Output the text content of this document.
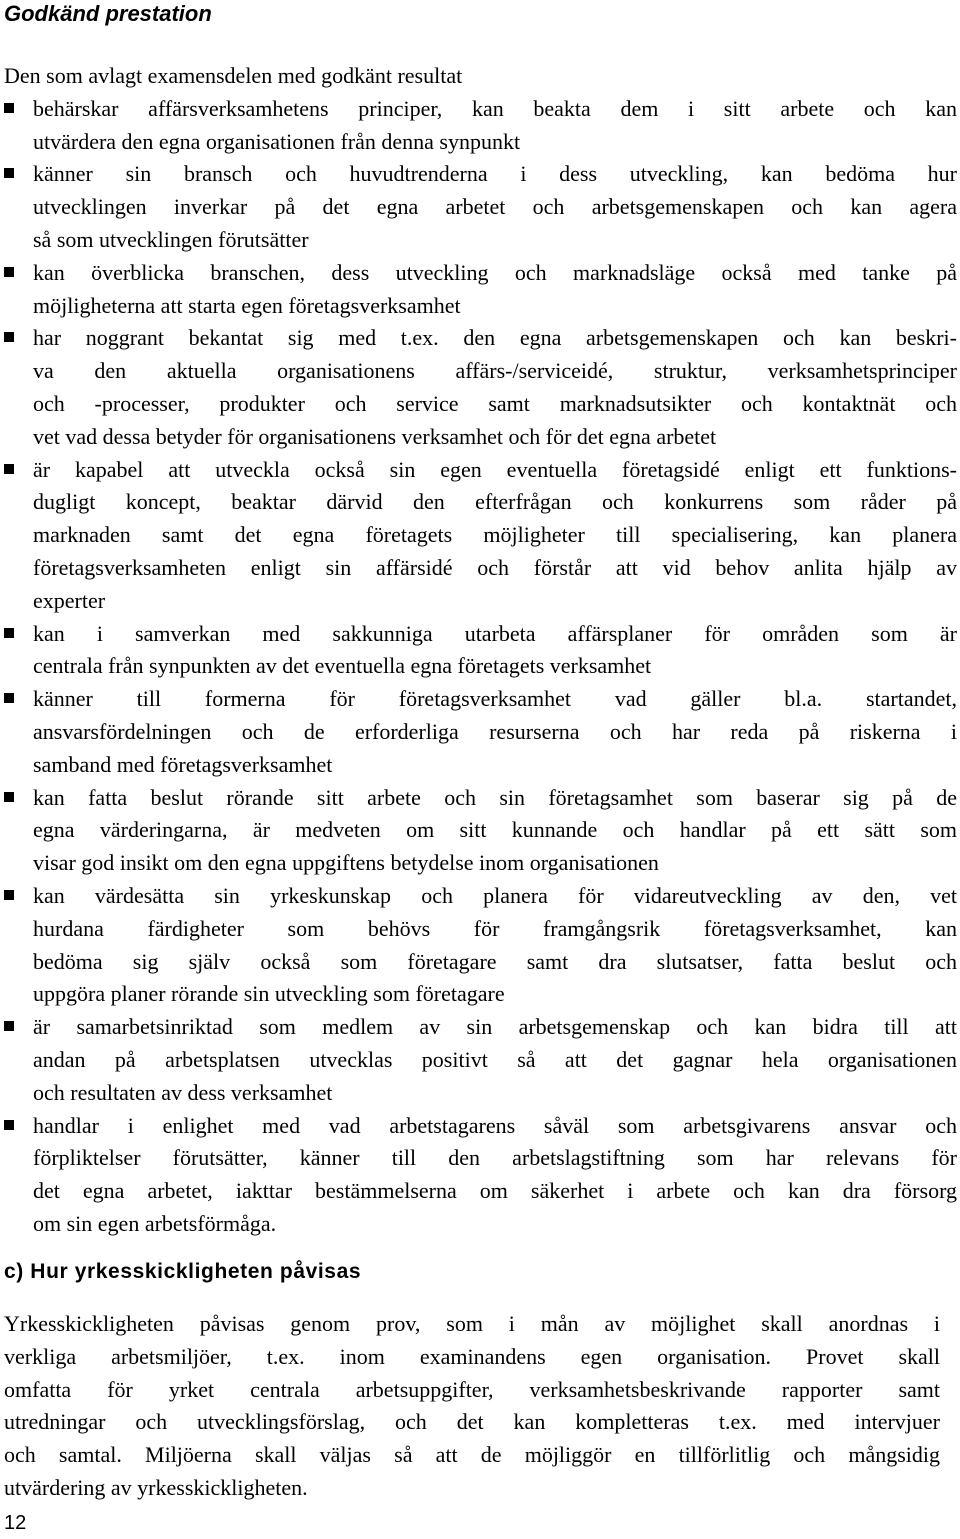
Godkänd prestation
Den som avlagt examensdelen med godkänt resultat
behärskar affärsverksamhetens principer, kan beakta dem i sitt arbete och kan
utvärdera den egna organisationen från denna synpunkt
känner sin bransch och huvudtrenderna i dess utveckling, kan bedöma hur
utvecklingen inverkar på det egna arbetet och arbetsgemenskapen och kan agera
så som utvecklingen förutsätter
kan överblicka branschen, dess utveckling och marknadsläge också med tanke på
möjligheterna att starta egen företagsverksamhet
har noggrant bekantat sig med t.ex. den egna arbetsgemenskapen och kan beskri-
va den aktuella organisationens affärs-/serviceidé, struktur, verksamhetsprinciper
och -processer, produkter och service samt marknadsutsikter och kontaktnät och
vet vad dessa betyder för organisationens verksamhet och för det egna arbetet
är kapabel att utveckla också sin egen eventuella företagsidé enligt ett funktions-
dugligt koncept, beaktar därvid den efterfrågan och konkurrens som råder på
marknaden samt det egna företagets möjligheter till specialisering, kan planera
företagsverksamheten enligt sin affärsidé och förstår att vid behov anlita hjälp av
experter
kan i samverkan med sakkunniga utarbeta affärsplaner för områden som är
centrala från synpunkten av det eventuella egna företagets verksamhet
känner till formerna för företagsverksamhet vad gäller bl.a. startandet,
ansvarsfördelningen och de erforderliga resurserna och har reda på riskerna i
samband med företagsverksamhet
kan fatta beslut rörande sitt arbete och sin företagsamhet som baserar sig på de
egna värderingarna, är medveten om sitt kunnande och handlar på ett sätt som
visar god insikt om den egna uppgiftens betydelse inom organisationen
kan värdesätta sin yrkeskunskap och planera för vidareutveckling av den, vet
hurdana färdigheter som behövs för framgångsrik företagsverksamhet, kan
bedöma sig själv också som företagare samt dra slutsatser, fatta beslut och
uppgöra planer rörande sin utveckling som företagare
är samarbetsinriktad som medlem av sin arbetsgemenskap och kan bidra till att
andan på arbetsplatsen utvecklas positivt så att det gagnar hela organisationen
och resultaten av dess verksamhet
handlar i enlighet med vad arbetstagarens såväl som arbetsgivarens ansvar och
förpliktelser förutsätter, känner till den arbetslagstiftning som har relevans för
det egna arbetet, iakttar bestämmelserna om säkerhet i arbete och kan dra försorg
om sin egen arbetsförmåga.
c) Hur yrkesskickligheten påvisas
Yrkesskickligheten påvisas genom prov, som i mån av möjlighet skall anordnas i
verkliga arbetsmiljöer, t.ex. inom examinandens egen organisation. Provet skall
omfatta för yrket centrala arbetsuppgifter, verksamhetsbeskrivande rapporter samt
utredningar och utvecklingsförslag, och det kan kompletteras t.ex. med intervjuer
och samtal. Miljöerna skall väljas så att de möjliggör en tillförlitlig och mångsidig
utvärdering av yrkesskickligheten.
12
